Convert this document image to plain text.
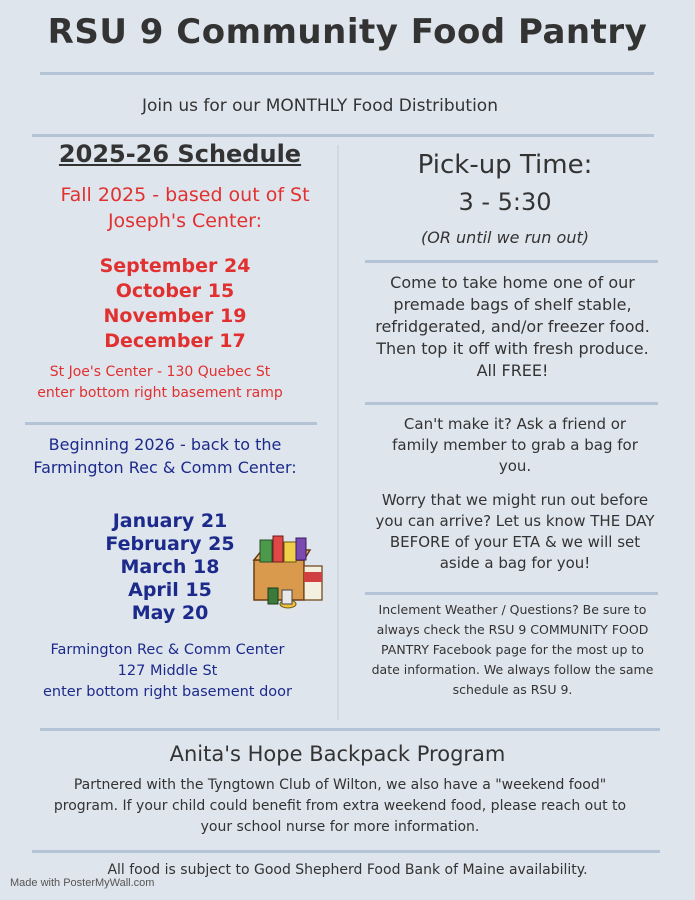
RSU 9 Community Food Pantry
Join us for our MONTHLY Food Distribution
2025-26 Schedule
Fall 2025 - based out of St Joseph's Center:
September 24
October 15
November 19
December 17
St Joe's Center - 130 Quebec St
enter bottom right basement ramp
Beginning 2026 - back to the Farmington Rec & Comm Center:
January 21
February 25
March 18
April 15
May 20
Farmington Rec & Comm Center
127 Middle St
enter bottom right basement door
Pick-up Time:
3 - 5:30
(OR until we run out)
Come to take home one of our premade bags of shelf stable, refridgerated, and/or freezer food. Then top it off with fresh produce. All FREE!
Can't make it? Ask a friend or family member to grab a bag for you.
Worry that we might run out before you can arrive? Let us know THE DAY BEFORE of your ETA & we will set aside a bag for you!
Inclement Weather / Questions? Be sure to always check the RSU 9 COMMUNITY FOOD PANTRY Facebook page for the most up to date information. We always follow the same schedule as RSU 9.
Anita's Hope Backpack Program
Partnered with the Tyngtown Club of Wilton, we also have a "weekend food" program. If your child could benefit from extra weekend food, please reach out to your school nurse for more information.
All food is subject to Good Shepherd Food Bank of Maine availability.
Made with PosterMyWall.com
